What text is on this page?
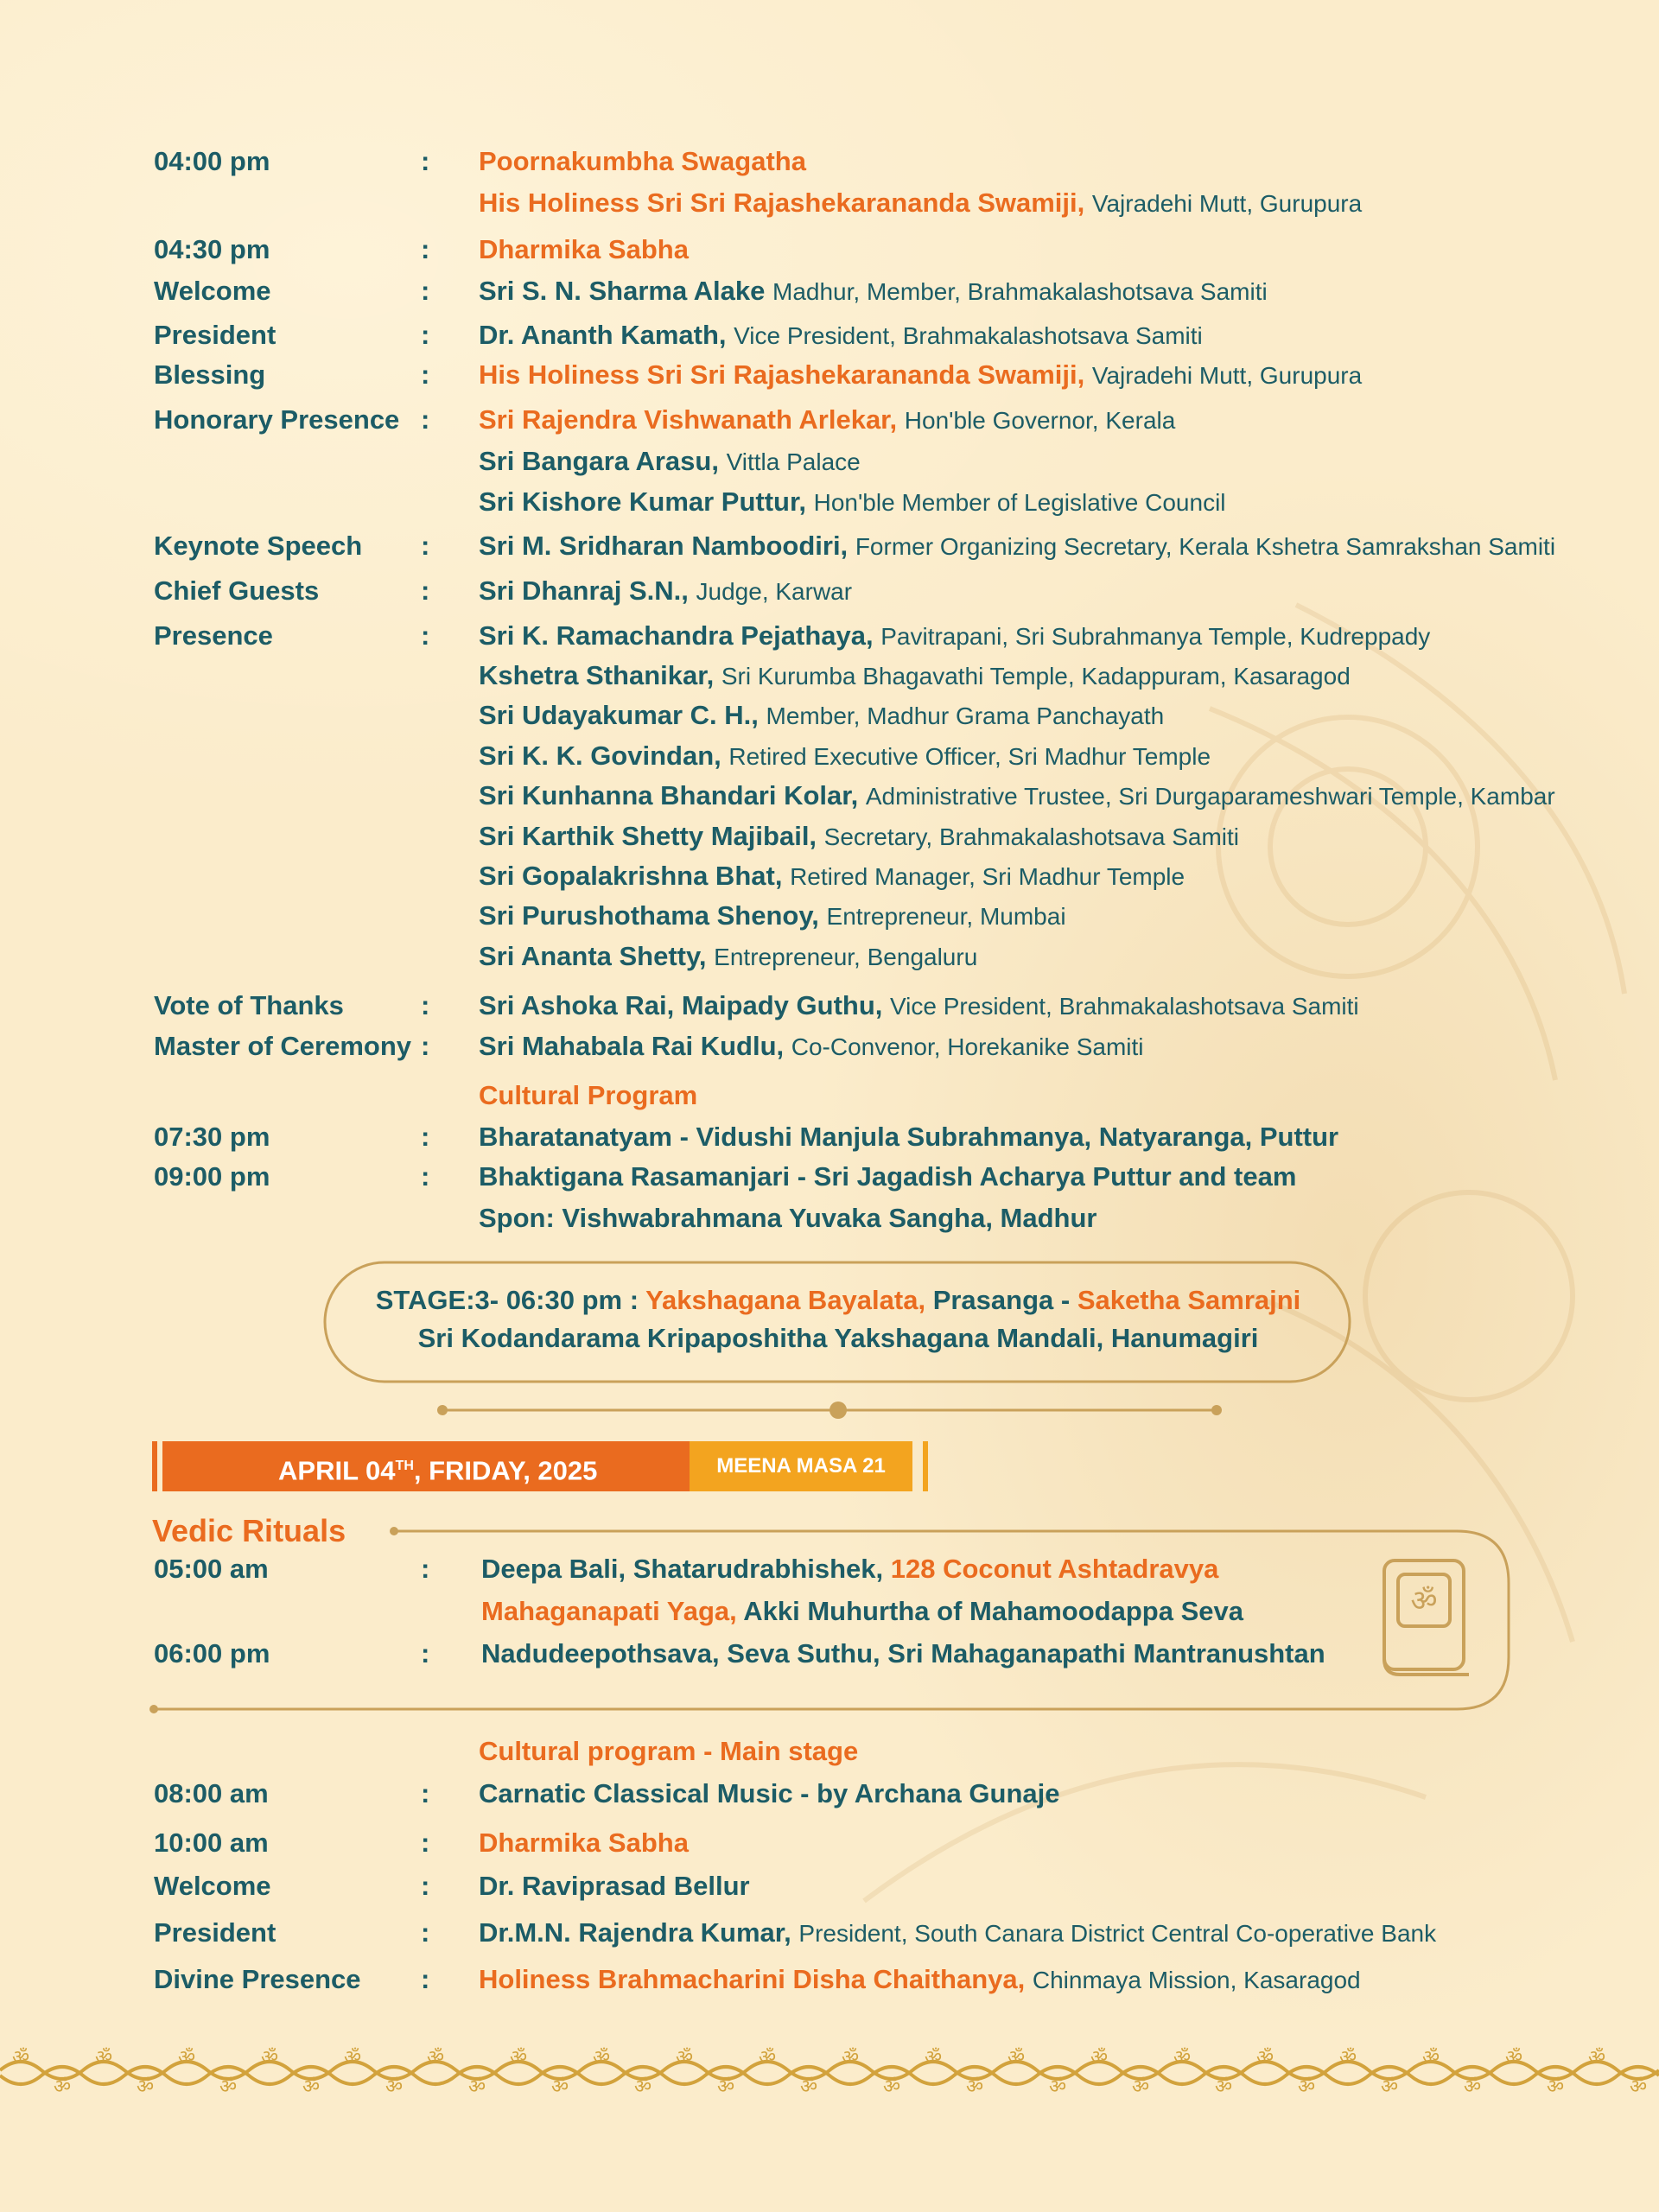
ॐ
ॐ
ॐ
ॐ
ॐ
ॐ
ॐ
ॐ
ॐ
ॐ
ॐ
ॐ
ॐ
ॐ
ॐ
ॐ
ॐ
ॐ
ॐ
ॐ
ॐ
ॐ
ॐ
ॐ
ॐ
ॐ
ॐ
ॐ
ॐ
ॐ
ॐ
ॐ
ॐ
ॐ
ॐ
ॐ
ॐ
ॐ
ॐ
ॐ
ॐ
04:00 pm	: Poornakumbha Swagatha
His Holiness Sri Sri Rajashekarananda Swamiji, Vajradehi Mutt, Gurupura
04:30 pm	: Dharmika Sabha
Welcome	: Sri S. N. Sharma Alake Madhur, Member, Brahmakalashotsava Samiti
President	: Dr. Ananth Kamath, Vice President, Brahmakalashotsava Samiti
Blessing	: His Holiness Sri Sri Rajashekarananda Swamiji, Vajradehi Mutt, Gurupura
Honorary Presence : Sri Rajendra Vishwanath Arlekar, Hon'ble Governor, Kerala
Sri Bangara Arasu, Vittla Palace
Sri Kishore Kumar Puttur, Hon'ble Member of Legislative Council
Keynote Speech : Sri M. Sridharan Namboodiri, Former Organizing Secretary, Kerala Kshetra Samrakshan Samiti
Chief Guests	: Sri Dhanraj S.N., Judge, Karwar
Presence	: Sri K. Ramachandra Pejathaya, Pavitrapani, Sri Subrahmanya Temple, Kudreppady
Kshetra Sthanikar, Sri Kurumba Bhagavathi Temple, Kadappuram, Kasaragod
Sri Udayakumar C. H., Member, Madhur Grama Panchayath
Sri K. K. Govindan, Retired Executive Officer, Sri Madhur Temple
Sri Kunhanna Bhandari Kolar, Administrative Trustee, Sri Durgaparameshwari Temple, Kambar
Sri Karthik Shetty Majibail, Secretary, Brahmakalashotsava Samiti
Sri Gopalakrishna Bhat, Retired Manager, Sri Madhur Temple
Sri Purushothama Shenoy, Entrepreneur, Mumbai
Sri Ananta Shetty, Entrepreneur, Bengaluru
Vote of Thanks	: Sri Ashoka Rai, Maipady Guthu, Vice President, Brahmakalashotsava Samiti
Master of Ceremony : Sri Mahabala Rai Kudlu, Co-Convenor, Horekanike Samiti
Cultural Program
07:30 pm	: Bharatanatyam - Vidushi Manjula Subrahmanya, Natyaranga, Puttur
09:00 pm	: Bhaktigana Rasamanjari - Sri Jagadish Acharya Puttur and team
Spon: Vishwabrahmana Yuvaka Sangha, Madhur
STAGE:3- 06:30 pm : Yakshagana Bayalata, Prasanga - Saketha Samrajni
Sri Kodandarama Kripaposhitha Yakshagana Mandali, Hanumagiri
APRIL 04TH, FRIDAY, 2025	MEENA MASA 21
Vedic Rituals
05:00 am	: Deepa Bali, Shatarudrabhishek, 128 Coconut Ashtadravya
Mahaganapati Yaga, Akki Muhurtha of Mahamoodappa Seva
06:00 pm	: Nadudeepothsava, Seva Suthu, Sri Mahaganapathi Mantranushtan
Cultural program - Main stage
08:00 am	: Carnatic Classical Music - by Archana Gunaje
10:00 am	: Dharmika Sabha
Welcome	: Dr. Raviprasad Bellur
President	: Dr.M.N. Rajendra Kumar, President, South Canara District Central Co-operative Bank
Divine Presence : Holiness Brahmacharini Disha Chaithanya, Chinmaya Mission, Kasaragod
